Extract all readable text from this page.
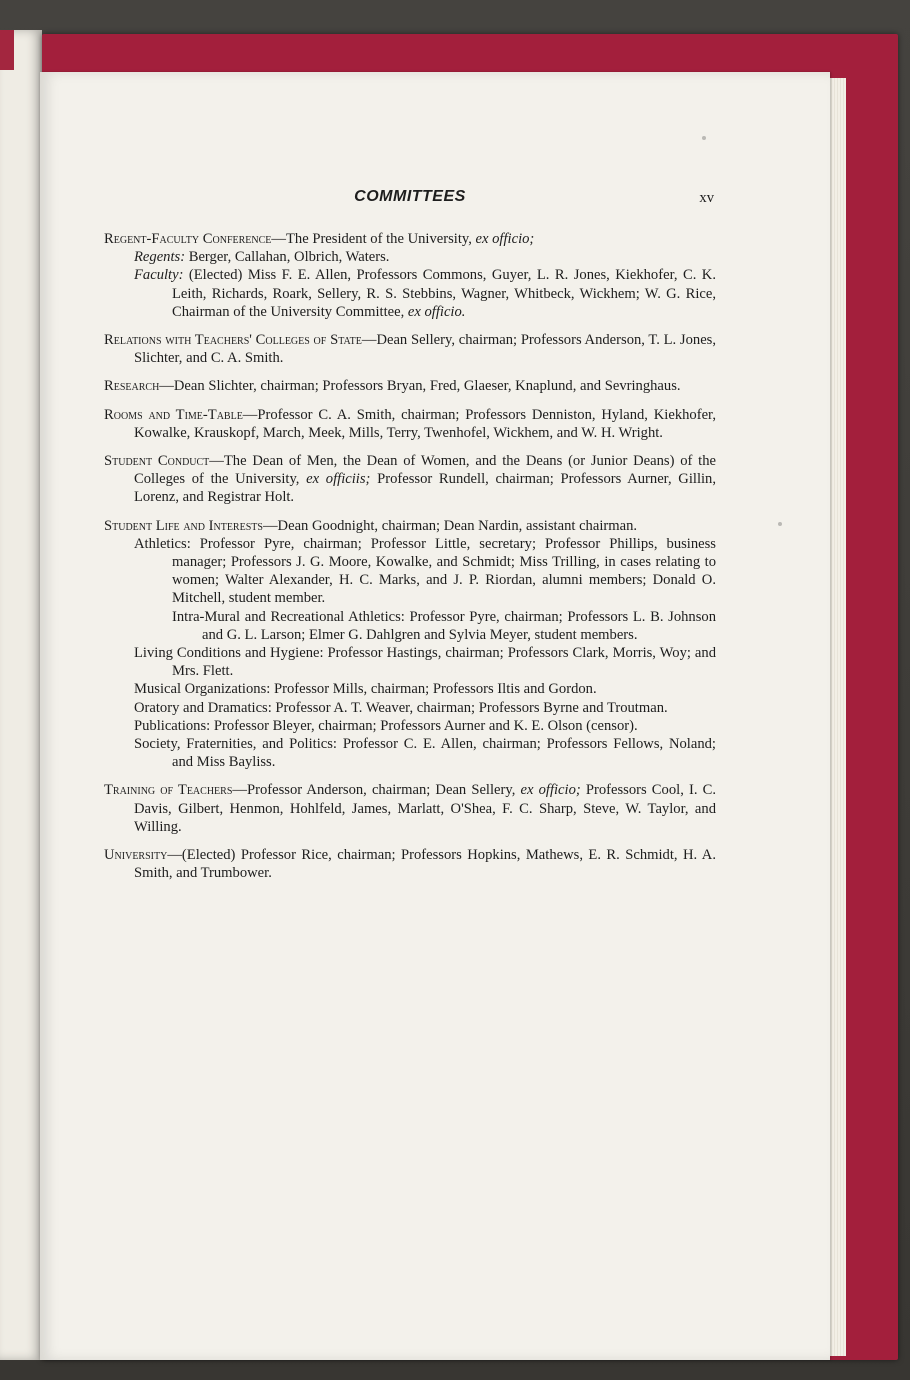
COMMITTEES	xv

Regent-Faculty Conference—The President of the University, ex officio;

Regents: Berger, Callahan, Olbrich, Waters.

Faculty: (Elected) Miss F. E. Allen, Professors Commons, Guyer, L. R. Jones, Kiekhofer, C. K. Leith, Richards, Roark, Sellery, R. S. Stebbins, Wagner, Whitbeck, Wickhem; W. G. Rice, Chairman of the University Committee, ex officio.

Relations with Teachers' Colleges of State—Dean Sellery, chairman; Professors Anderson, T. L. Jones, Slichter, and C. A. Smith.

Research—Dean Slichter, chairman; Professors Bryan, Fred, Glaeser, Knaplund, and Sevringhaus.

Rooms and Time-Table—Professor C. A. Smith, chairman; Professors Denniston, Hyland, Kiekhofer, Kowalke, Krauskopf, March, Meek, Mills, Terry, Twenhofel, Wickhem, and W. H. Wright.

Student Conduct—The Dean of Men, the Dean of Women, and the Deans (or Junior Deans) of the Colleges of the University, ex officiis; Professor Rundell, chairman; Professors Aurner, Gillin, Lorenz, and Registrar Holt.

Student Life and Interests—Dean Goodnight, chairman; Dean Nardin, assistant chairman.

Athletics: Professor Pyre, chairman; Professor Little, secretary; Professor Phillips, business manager; Professors J. G. Moore, Kowalke, and Schmidt; Miss Trilling, in cases relating to women; Walter Alexander, H. C. Marks, and J. P. Riordan, alumni members; Donald O. Mitchell, student member.

Intra-Mural and Recreational Athletics: Professor Pyre, chairman; Professors L. B. Johnson and G. L. Larson; Elmer G. Dahlgren and Sylvia Meyer, student members.

Living Conditions and Hygiene: Professor Hastings, chairman; Professors Clark, Morris, Woy; and Mrs. Flett.

Musical Organizations: Professor Mills, chairman; Professors Iltis and Gordon.

Oratory and Dramatics: Professor A. T. Weaver, chairman; Professors Byrne and Troutman.

Publications: Professor Bleyer, chairman; Professors Aurner and K. E. Olson (censor).

Society, Fraternities, and Politics: Professor C. E. Allen, chairman; Professors Fellows, Noland; and Miss Bayliss.

Training of Teachers—Professor Anderson, chairman; Dean Sellery, ex officio; Professors Cool, I. C. Davis, Gilbert, Henmon, Hohlfeld, James, Marlatt, O'Shea, F. C. Sharp, Steve, W. Taylor, and Willing.

University—(Elected) Professor Rice, chairman; Professors Hopkins, Mathews, E. R. Schmidt, H. A. Smith, and Trumbower.
